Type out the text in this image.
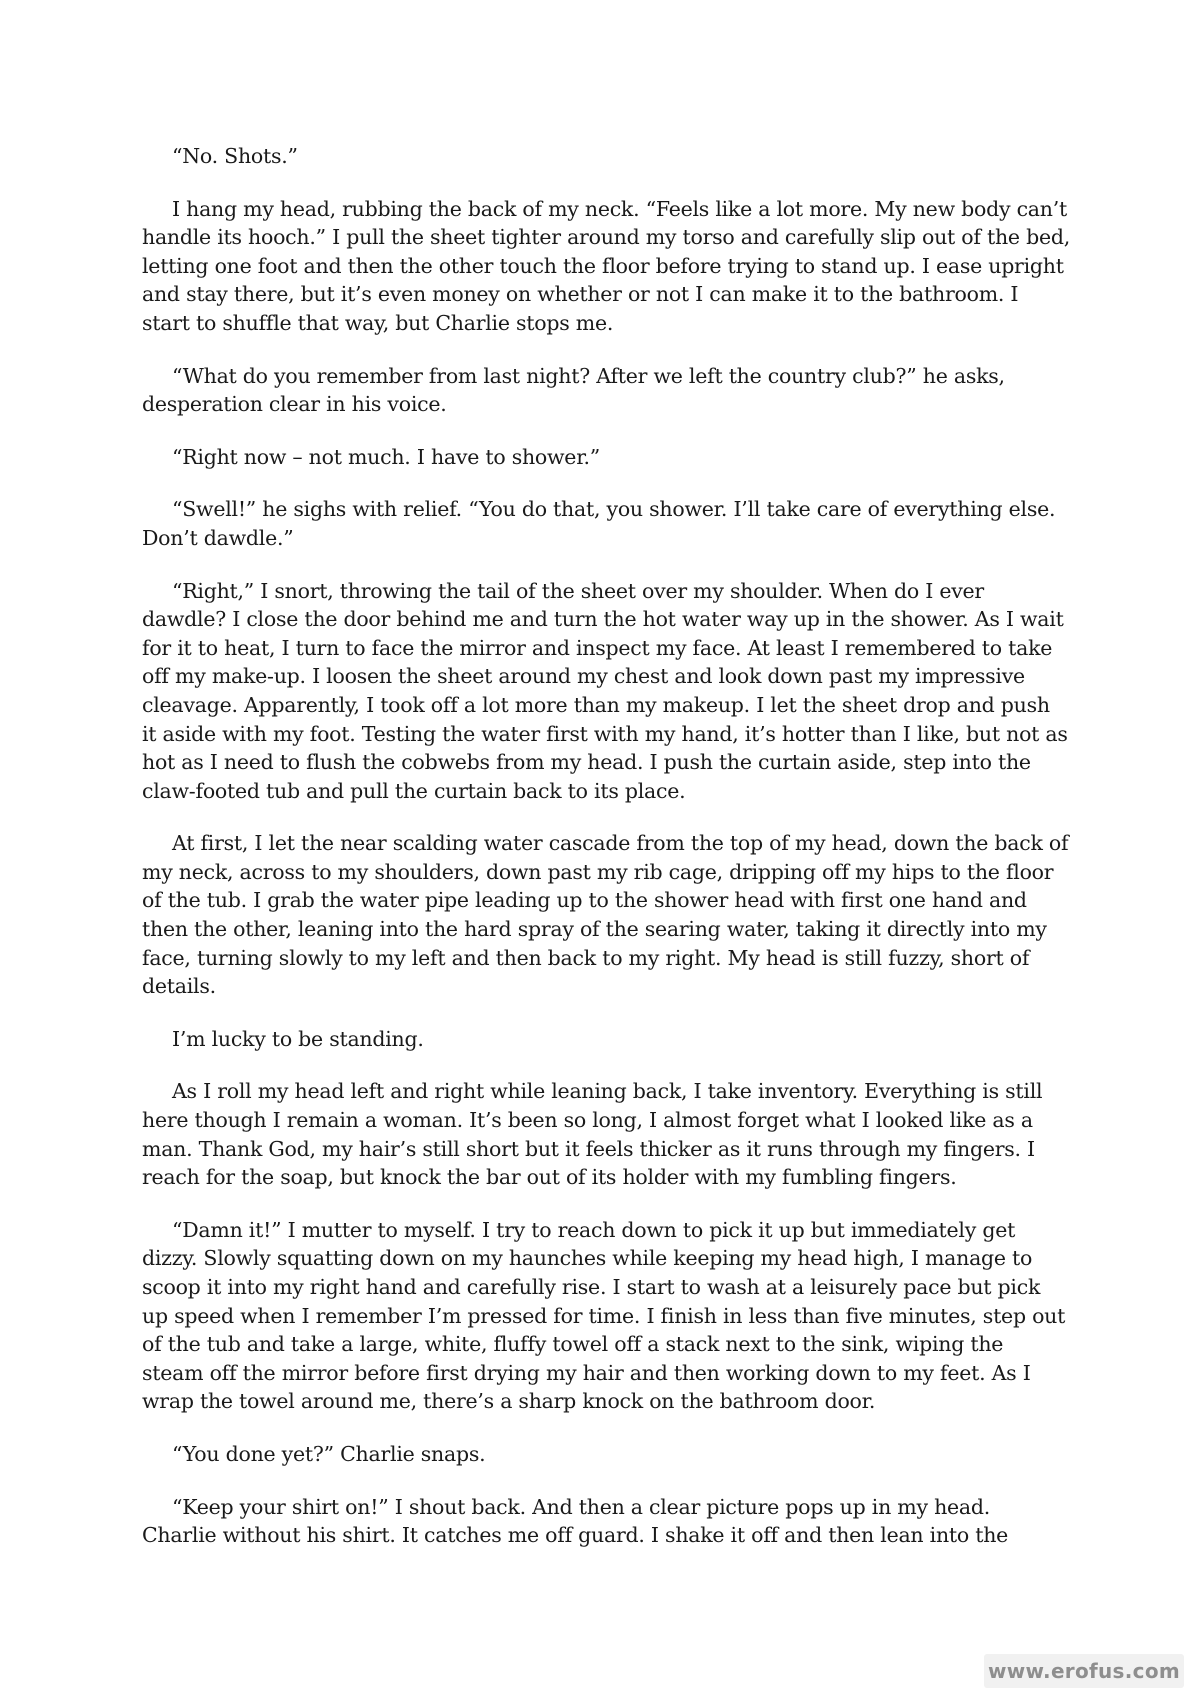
“No. Shots.”

I hang my head, rubbing the back of my neck. “Feels like a lot more. My new body can’t handle its hooch.” I pull the sheet tighter around my torso and carefully slip out of the bed, letting one foot and then the other touch the floor before trying to stand up. I ease upright and stay there, but it’s even money on whether or not I can make it to the bathroom. I start to shuffle that way, but Charlie stops me.

“What do you remember from last night? After we left the country club?” he asks, desperation clear in his voice.

“Right now – not much. I have to shower.”

“Swell!” he sighs with relief. “You do that, you shower. I’ll take care of everything else. Don’t dawdle.”

“Right,” I snort, throwing the tail of the sheet over my shoulder. When do I ever dawdle? I close the door behind me and turn the hot water way up in the shower. As I wait for it to heat, I turn to face the mirror and inspect my face. At least I remembered to take off my make-up. I loosen the sheet around my chest and look down past my impressive cleavage. Apparently, I took off a lot more than my makeup. I let the sheet drop and push it aside with my foot. Testing the water first with my hand, it’s hotter than I like, but not as hot as I need to flush the cobwebs from my head. I push the curtain aside, step into the claw-footed tub and pull the curtain back to its place.

At first, I let the near scalding water cascade from the top of my head, down the back of my neck, across to my shoulders, down past my rib cage, dripping off my hips to the floor of the tub. I grab the water pipe leading up to the shower head with first one hand and then the other, leaning into the hard spray of the searing water, taking it directly into my face, turning slowly to my left and then back to my right. My head is still fuzzy, short of details.

I’m lucky to be standing.

As I roll my head left and right while leaning back, I take inventory. Everything is still here though I remain a woman. It’s been so long, I almost forget what I looked like as a man. Thank God, my hair’s still short but it feels thicker as it runs through my fingers. I reach for the soap, but knock the bar out of its holder with my fumbling fingers.

“Damn it!” I mutter to myself. I try to reach down to pick it up but immediately get dizzy. Slowly squatting down on my haunches while keeping my head high, I manage to scoop it into my right hand and carefully rise. I start to wash at a leisurely pace but pick up speed when I remember I’m pressed for time. I finish in less than five minutes, step out of the tub and take a large, white, fluffy towel off a stack next to the sink, wiping the steam off the mirror before first drying my hair and then working down to my feet. As I wrap the towel around me, there’s a sharp knock on the bathroom door.

“You done yet?” Charlie snaps.

“Keep your shirt on!” I shout back. And then a clear picture pops up in my head. Charlie without his shirt. It catches me off guard. I shake it off and then lean into the

www.erofus.com
